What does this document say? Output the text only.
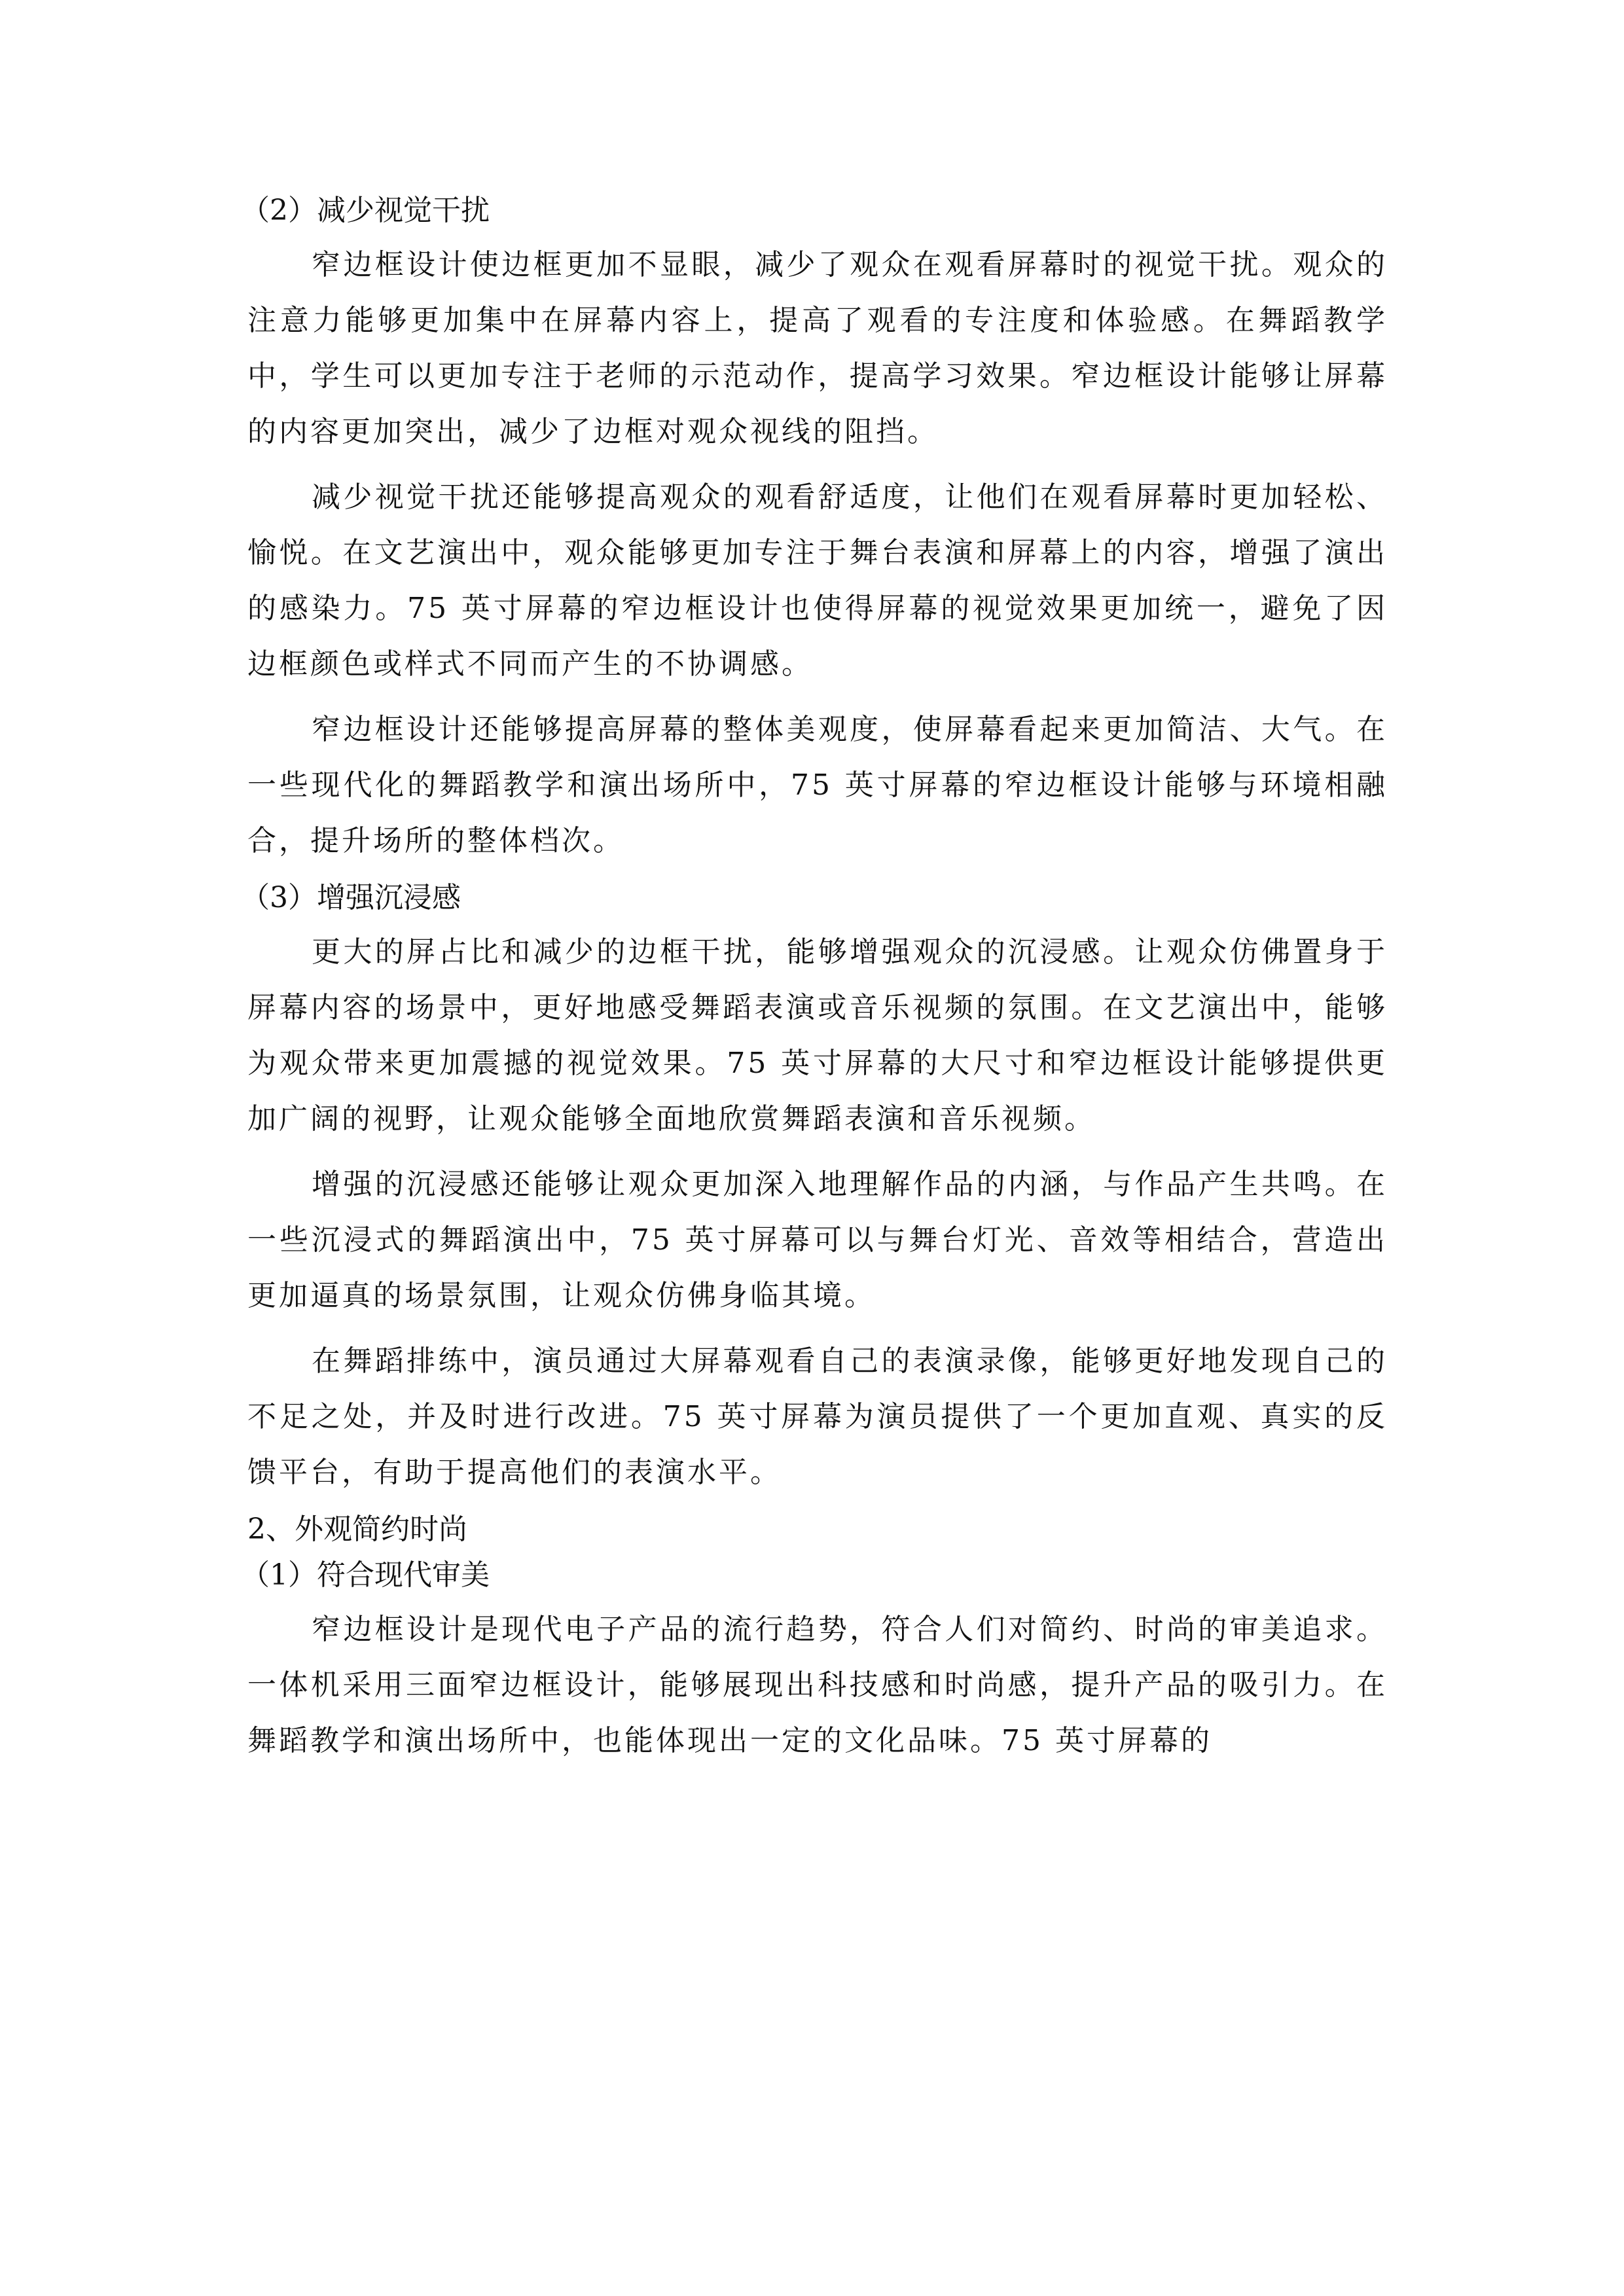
（2）减少视觉干扰

窄边框设计使边框更加不显眼，减少了观众在观看屏幕时的视觉干扰。观众的注意力能够更加集中在屏幕内容上，提高了观看的专注度和体验感。在舞蹈教学中，学生可以更加专注于老师的示范动作，提高学习效果。窄边框设计能够让屏幕的内容更加突出，减少了边框对观众视线的阻挡。

减少视觉干扰还能够提高观众的观看舒适度，让他们在观看屏幕时更加轻松、愉悦。在文艺演出中，观众能够更加专注于舞台表演和屏幕上的内容，增强了演出的感染力。75 英寸屏幕的窄边框设计也使得屏幕的视觉效果更加统一，避免了因边框颜色或样式不同而产生的不协调感。

窄边框设计还能够提高屏幕的整体美观度，使屏幕看起来更加简洁、大气。在一些现代化的舞蹈教学和演出场所中，75 英寸屏幕的窄边框设计能够与环境相融合，提升场所的整体档次。

（3）增强沉浸感

更大的屏占比和减少的边框干扰，能够增强观众的沉浸感。让观众仿佛置身于屏幕内容的场景中，更好地感受舞蹈表演或音乐视频的氛围。在文艺演出中，能够为观众带来更加震撼的视觉效果。75 英寸屏幕的大尺寸和窄边框设计能够提供更加广阔的视野，让观众能够全面地欣赏舞蹈表演和音乐视频。

增强的沉浸感还能够让观众更加深入地理解作品的内涵，与作品产生共鸣。在一些沉浸式的舞蹈演出中，75 英寸屏幕可以与舞台灯光、音效等相结合，营造出更加逼真的场景氛围，让观众仿佛身临其境。

在舞蹈排练中，演员通过大屏幕观看自己的表演录像，能够更好地发现自己的不足之处，并及时进行改进。75 英寸屏幕为演员提供了一个更加直观、真实的反馈平台，有助于提高他们的表演水平。

2、外观简约时尚
（1）符合现代审美

窄边框设计是现代电子产品的流行趋势，符合人们对简约、时尚的审美追求。一体机采用三面窄边框设计，能够展现出科技感和时尚感，提升产品的吸引力。在舞蹈教学和演出场所中，也能体现出一定的文化品味。75 英寸屏幕的
